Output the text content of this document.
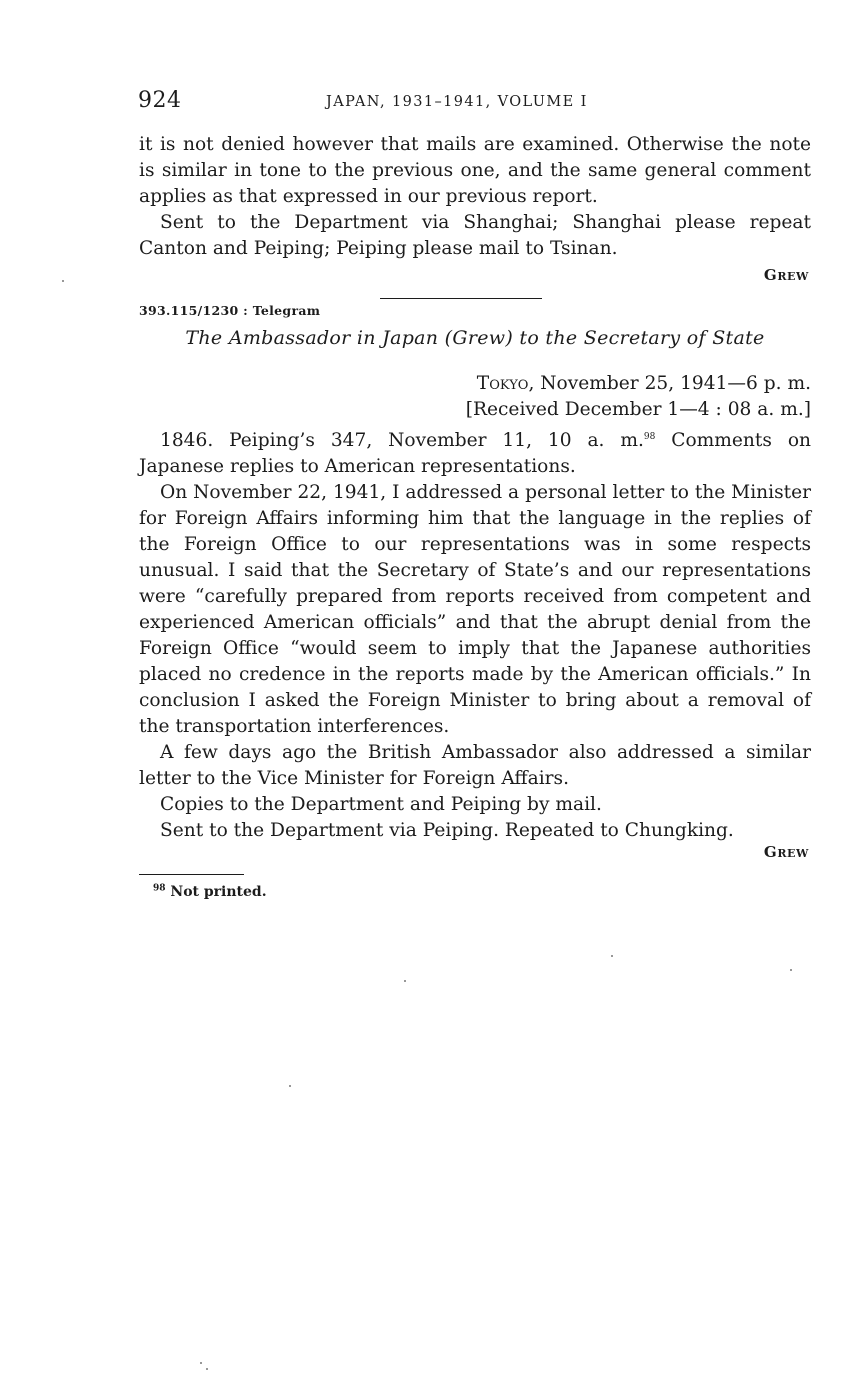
924	JAPAN, 1931–1941, VOLUME I

it is not denied however that mails are examined. Otherwise the note is similar in tone to the previous one, and the same general comment applies as that expressed in our previous report.

Sent to the Department via Shanghai; Shanghai please repeat Canton and Peiping; Peiping please mail to Tsinan.

Grew
393.115/1230 : Telegram
The Ambassador in Japan (Grew) to the Secretary of State
Tokyo, November 25, 1941—6 p. m.
[Received December 1—4 : 08 a. m.]

1846. Peiping’s 347, November 11, 10 a. m.$^{98}$ Comments on Japanese replies to American representations.

On November 22, 1941, I addressed a personal letter to the Minister for Foreign Affairs informing him that the language in the replies of the Foreign Office to our representations was in some respects unusual. I said that the Secretary of State’s and our representations were “carefully prepared from reports received from competent and experienced American officials” and that the abrupt denial from the Foreign Office “would seem to imply that the Japanese authorities placed no credence in the reports made by the American officials.” In conclusion I asked the Foreign Minister to bring about a removal of the transportation interferences.

A few days ago the British Ambassador also addressed a similar letter to the Vice Minister for Foreign Affairs.

Copies to the Department and Peiping by mail.

Sent to the Department via Peiping. Repeated to Chungking.

Grew
$^{98}$ Not printed.
